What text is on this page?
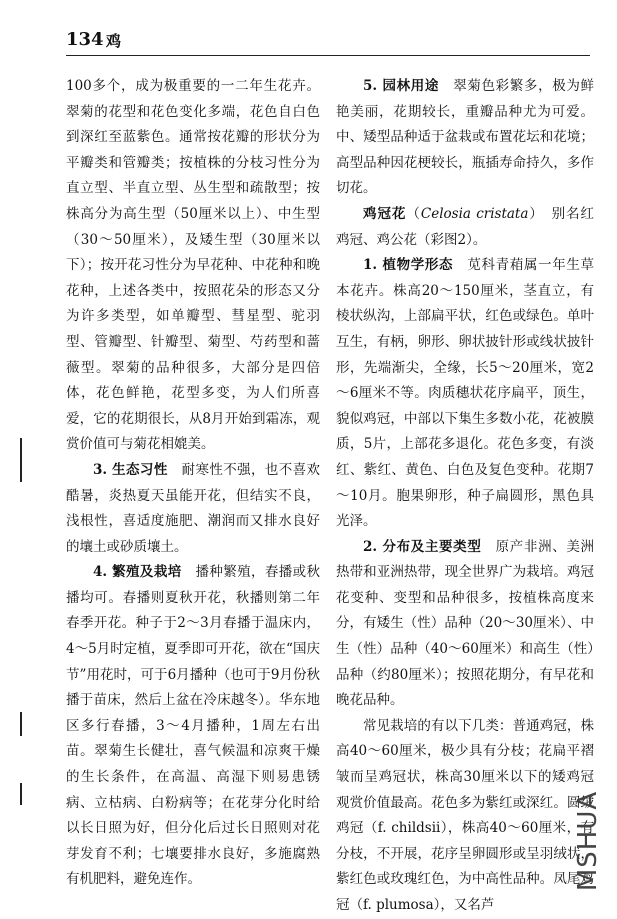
134 鸡

100多个，成为极重要的一二年生花卉。翠菊的花型和花色变化多端，花色自白色到深红至蓝紫色。通常按花瓣的形状分为平瓣类和管瓣类；按植株的分枝习性分为直立型、半直立型、丛生型和疏散型；按株高分为高生型（50厘米以上）、中生型（30～50厘米），及矮生型（30厘米以下）；按开花习性分为早花种、中花种和晚花种，上述各类中，按照花朵的形态又分为许多类型，如单瓣型、彗星型、驼羽型、管瓣型、针瓣型、菊型、芍药型和蔷薇型。翠菊的品种很多，大部分是四倍体，花色鲜艳，花型多变，为人们所喜爱，它的花期很长，从8月开始到霜冻，观赏价值可与菊花相媲美。

3. 生态习性　 耐寒性不强，也不喜欢酷暑，炎热夏天虽能开花，但结实不良，浅根性，喜适度施肥、潮润而又排水良好的壤土或砂质壤土。

4. 繁殖及栽培　 播种繁殖，春播或秋播均可。春播则夏秋开花，秋播则第二年春季开花。种子于2～3月春播于温床内，4～5月时定植，夏季即可开花，欲在“国庆节”用花时，可于6月播种（也可于9月份秋播于苗床，然后上盆在冷床越冬）。华东地区多行春播，3～4月播种，1周左右出苗。翠菊生长健壮，喜气候温和凉爽干燥的生长条件，在高温、高湿下则易患锈病、立枯病、白粉病等；在花芽分化时给以长日照为好，但分化后过长日照则对花芽发育不利；七壤要排水良好，多施腐熟有机肥料，避免连作。

5. 园林用途　 翠菊色彩繁多，极为鲜艳美丽，花期较长，重瓣品种尤为可爱。中、矮型品种适于盆栽或布置花坛和花境；高型品种因花梗较长，瓶插寿命持久，多作切花。

鸡冠花（Celosia cristata）　别名红鸡冠、鸡公花（彩图2）。

1. 植物学形态　 苋科青葙属一年生草本花卉。株高20～150厘米，茎直立，有棱状纵沟，上部扁平状，红色或绿色。单叶互生，有柄，卵形、卵状披针形或线状披针形，先端渐尖，全缘，长5～20厘米，宽2～6厘米不等。肉质穗状花序扁平，顶生，貌似鸡冠，中部以下集生多数小花，花被膜质，5片，上部花多退化。花色多变，有淡红、紫红、黄色、白色及复色变种。花期7～10月。胞果卵形，种子扁圆形，黑色具光泽。

2. 分布及主要类型　 原产非洲、美洲热带和亚洲热带，现全世界广为栽培。鸡冠花变种、变型和品种很多，按植株高度来分，有矮生（性）品种（20～30厘米）、中生（性）品种（40～60厘米）和高生（性）品种（约80厘米）；按照花期分，有早花和晚花品种。

常见栽培的有以下几类：普通鸡冠，株高40～60厘米，极少具有分枝；花扁平褶皱而呈鸡冠状，株高30厘米以下的矮鸡冠观赏价值最高。花色多为紫红或深红。圆绒鸡冠（f. childsii），株高40～60厘米，有分枝，不开展，花序呈卵圆形或呈羽绒状，紫红色或玫瑰红色，为中高性品种。凤尾鸡冠（f. plumosa），又名芦

MSHUA
